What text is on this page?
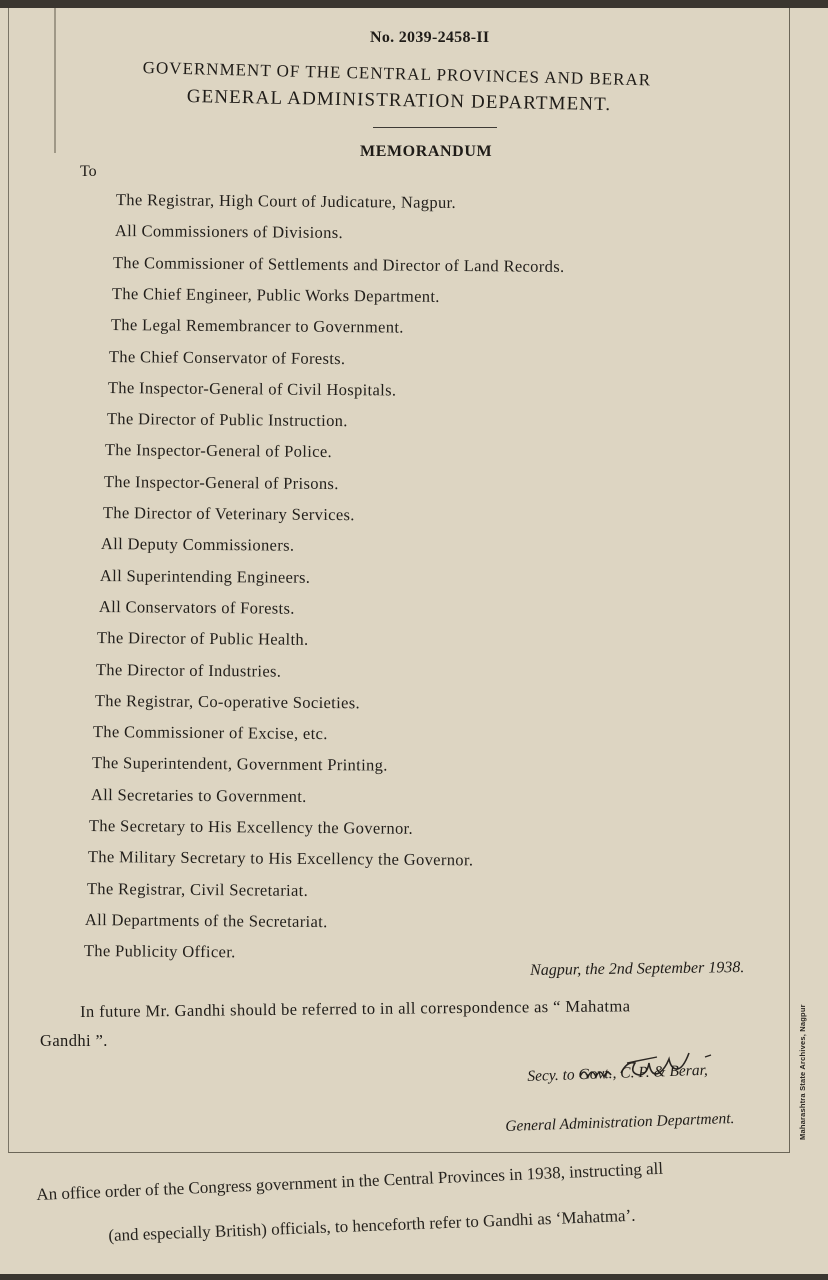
No. 2039-2458-II
GOVERNMENT OF THE CENTRAL PROVINCES AND BERAR
GENERAL ADMINISTRATION DEPARTMENT.
MEMORANDUM
To
The Registrar, High Court of Judicature, Nagpur.
All Commissioners of Divisions.
The Commissioner of Settlements and Director of Land Records.
The Chief Engineer, Public Works Department.
The Legal Remembrancer to Government.
The Chief Conservator of Forests.
The Inspector-General of Civil Hospitals.
The Director of Public Instruction.
The Inspector-General of Police.
The Inspector-General of Prisons.
The Director of Veterinary Services.
All Deputy Commissioners.
All Superintending Engineers.
All Conservators of Forests.
The Director of Public Health.
The Director of Industries.
The Registrar, Co-operative Societies.
The Commissioner of Excise, etc.
The Superintendent, Government Printing.
All Secretaries to Government.
The Secretary to His Excellency the Governor.
The Military Secretary to His Excellency the Governor.
The Registrar, Civil Secretariat.
All Departments of the Secretariat.
The Publicity Officer.
Nagpur, the 2nd September 1938.
In future Mr. Gandhi should be referred to in all correspondence as “ Mahatma
Gandhi ”.
Secy. to Govt., C. P. & Berar,
General Administration Department.	Maharashtra State Archives, Nagpur
An office order of the Congress government in the Central Provinces in 1938, instructing all
(and especially British) officials, to henceforth refer to Gandhi as ‘Mahatma’.
